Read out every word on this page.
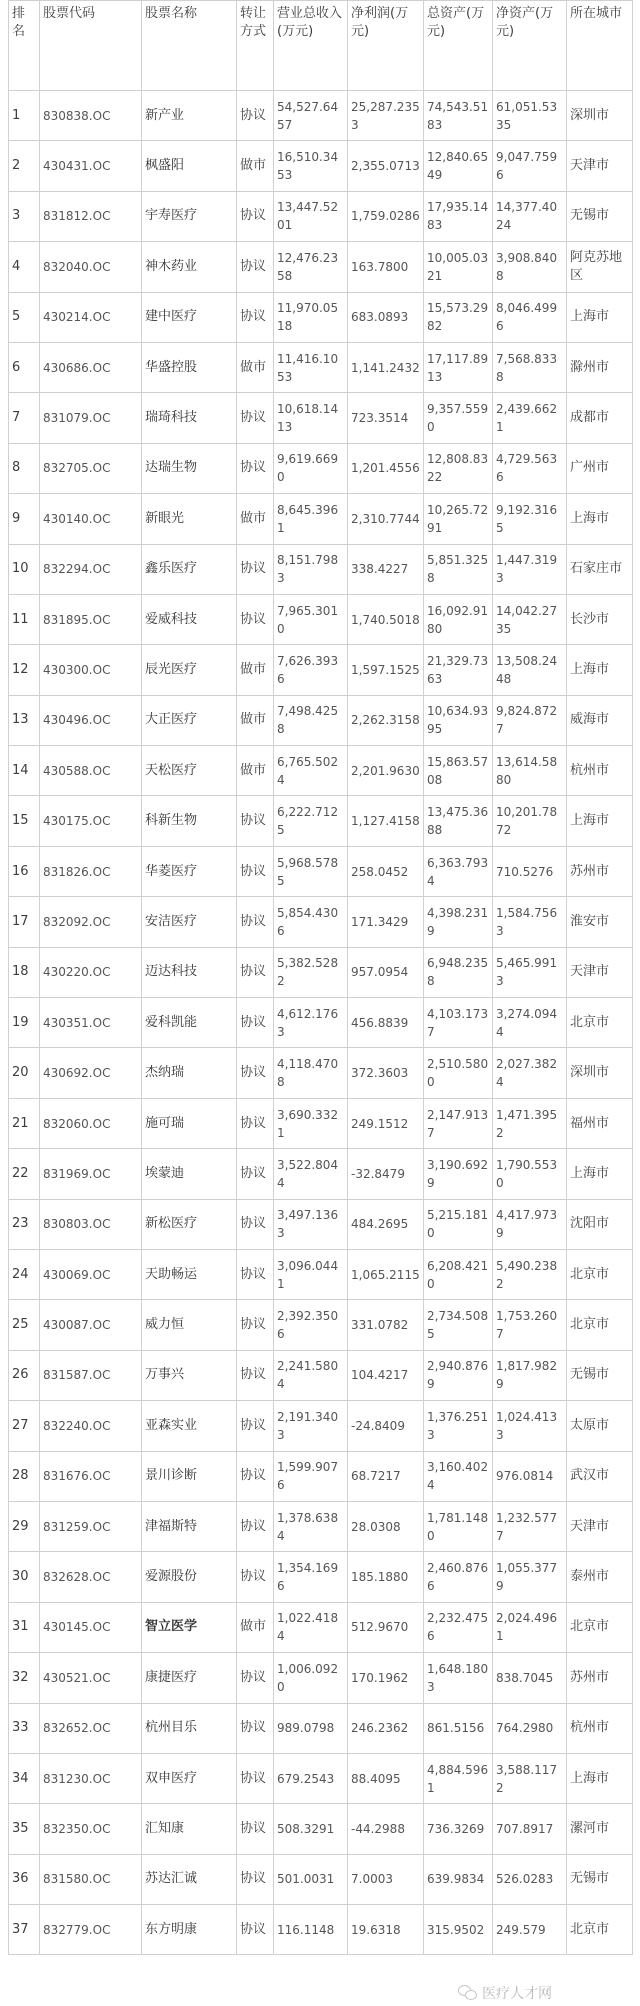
排名	股票代码	股票名称	转让方式	营业总收入(万元)	净利润(万元)	总资产(万元)	净资产(万元)	所在城市
1	830838.OC	新产业	协议	54,527.6457	25,287.2353	74,543.5183	61,051.5335	深圳市
2	430431.OC	枫盛阳	做市	16,510.3453	2,355.0713	12,840.6549	9,047.7596	天津市
3	831812.OC	宇寿医疗	协议	13,447.5201	1,759.0286	17,935.1483	14,377.4024	无锡市
4	832040.OC	神木药业	协议	12,476.2358	163.7800	10,005.0321	3,908.8408	阿克苏地区
5	430214.OC	建中医疗	协议	11,970.0518	683.0893	15,573.2982	8,046.4996	上海市
6	430686.OC	华盛控股	做市	11,416.1053	1,141.2432	17,117.8913	7,568.8338	滁州市
7	831079.OC	瑞琦科技	协议	10,618.1413	723.3514	9,357.5590	2,439.6621	成都市
8	832705.OC	达瑞生物	协议	9,619.6690	1,201.4556	12,808.8322	4,729.5636	广州市
9	430140.OC	新眼光	做市	8,645.3961	2,310.7744	10,265.7291	9,192.3165	上海市
10	832294.OC	鑫乐医疗	协议	8,151.7983	338.4227	5,851.3258	1,447.3193	石家庄市
11	831895.OC	爱威科技	协议	7,965.3010	1,740.5018	16,092.9180	14,042.2735	长沙市
12	430300.OC	辰光医疗	做市	7,626.3936	1,597.1525	21,329.7363	13,508.2448	上海市
13	430496.OC	大正医疗	做市	7,498.4258	2,262.3158	10,634.9395	9,824.8727	威海市
14	430588.OC	天松医疗	做市	6,765.5024	2,201.9630	15,863.5708	13,614.5880	杭州市
15	430175.OC	科新生物	协议	6,222.7125	1,127.4158	13,475.3688	10,201.7872	上海市
16	831826.OC	华菱医疗	协议	5,968.5785	258.0452	6,363.7934	710.5276	苏州市
17	832092.OC	安洁医疗	协议	5,854.4306	171.3429	4,398.2319	1,584.7563	淮安市
18	430220.OC	迈达科技	协议	5,382.5282	957.0954	6,948.2358	5,465.9913	天津市
19	430351.OC	爱科凯能	协议	4,612.1763	456.8839	4,103.1737	3,274.0944	北京市
20	430692.OC	杰纳瑞	协议	4,118.4708	372.3603	2,510.5800	2,027.3824	深圳市
21	832060.OC	施可瑞	协议	3,690.3321	249.1512	2,147.9137	1,471.3952	福州市
22	831969.OC	埃蒙迪	协议	3,522.8044	-32.8479	3,190.6929	1,790.5530	上海市
23	830803.OC	新松医疗	协议	3,497.1363	484.2695	5,215.1810	4,417.9739	沈阳市
24	430069.OC	天助畅运	协议	3,096.0441	1,065.2115	6,208.4210	5,490.2382	北京市
25	430087.OC	威力恒	协议	2,392.3506	331.0782	2,734.5085	1,753.2607	北京市
26	831587.OC	万事兴	协议	2,241.5804	104.4217	2,940.8769	1,817.9829	无锡市
27	832240.OC	亚森实业	协议	2,191.3403	-24.8409	1,376.2513	1,024.4133	太原市
28	831676.OC	景川诊断	协议	1,599.9076	68.7217	3,160.4024	976.0814	武汉市
29	831259.OC	津福斯特	协议	1,378.6384	28.0308	1,781.1480	1,232.5777	天津市
30	832628.OC	爱源股份	协议	1,354.1696	185.1880	2,460.8766	1,055.3779	泰州市
31	430145.OC	智立医学	做市	1,022.4184	512.9670	2,232.4756	2,024.4961	北京市
32	430521.OC	康捷医疗	协议	1,006.0920	170.1962	1,648.1803	838.7045	苏州市
33	832652.OC	杭州目乐	协议	989.0798	246.2362	861.5156	764.2980	杭州市
34	831230.OC	双申医疗	协议	679.2543	88.4095	4,884.5961	3,588.1172	上海市
35	832350.OC	汇知康	协议	508.3291	-44.2988	736.3269	707.8917	漯河市
36	831580.OC	苏达汇诚	协议	501.0031	7.0003	639.9834	526.0283	无锡市
37	832779.OC	东方明康	协议	116.1148	19.6318	315.9502	249.579	北京市
医疗人才网
